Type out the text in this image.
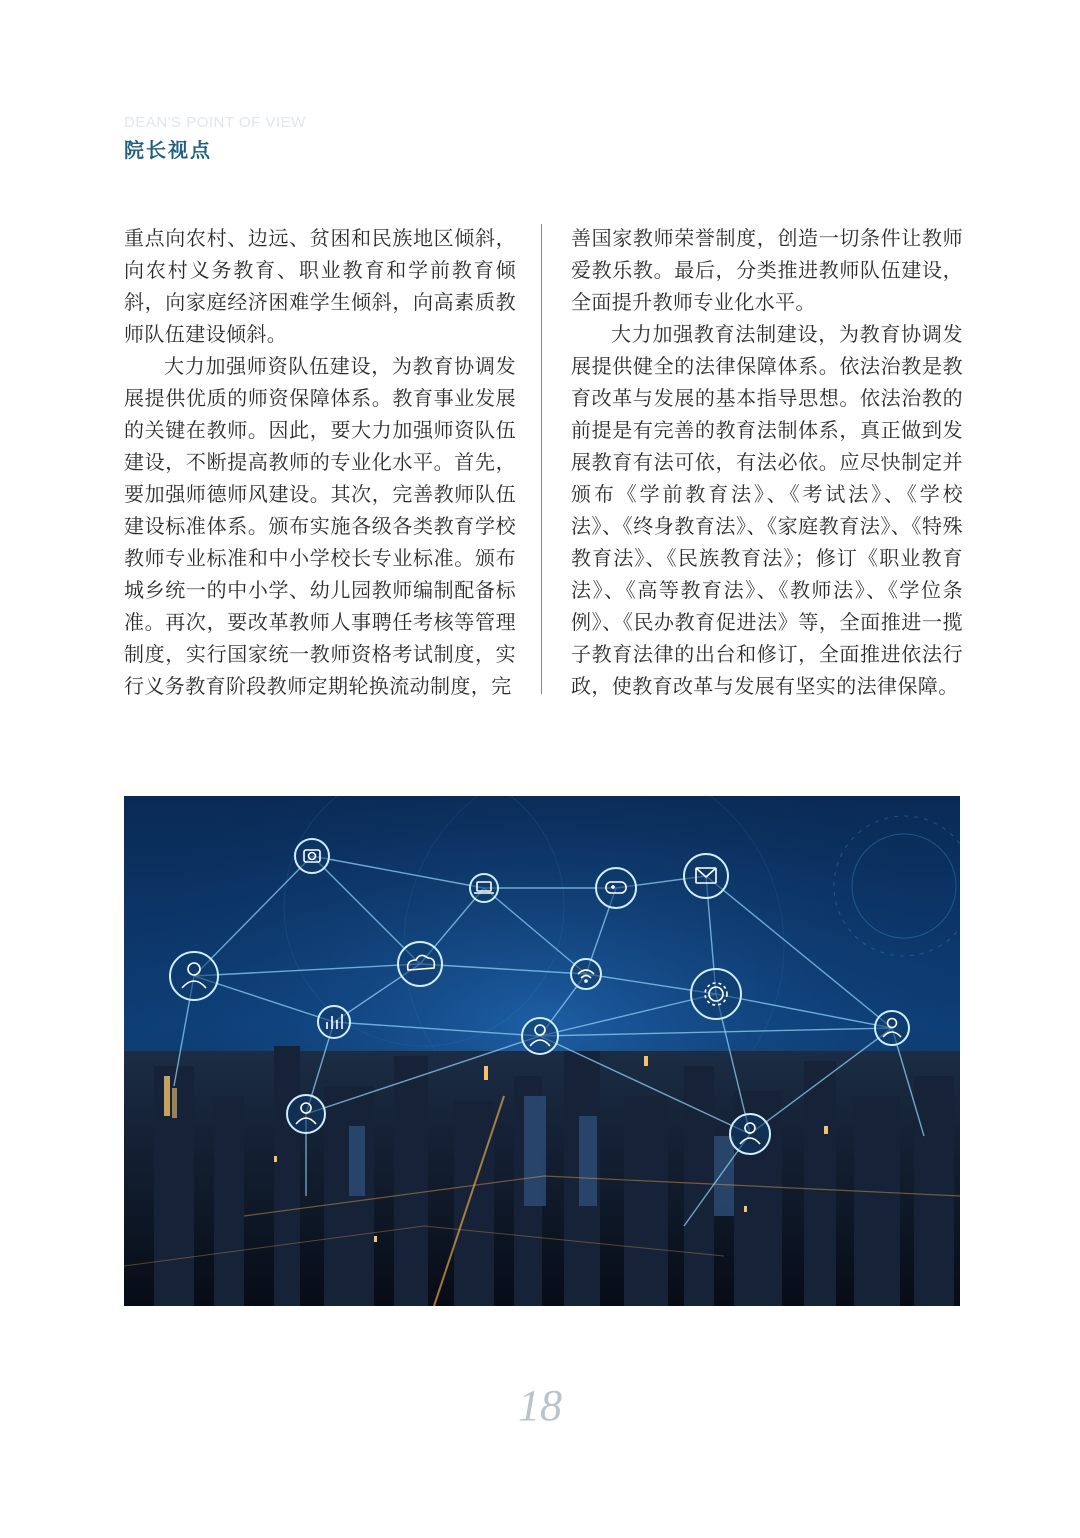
DEAN'S POINT OF VIEW
院长视点

重点向农村、边远、贫困和民族地区倾斜，向农村义务教育、职业教育和学前教育倾斜，向家庭经济困难学生倾斜，向高素质教师队伍建设倾斜。

大力加强师资队伍建设，为教育协调发展提供优质的师资保障体系。教育事业发展的关键在教师。因此，要大力加强师资队伍建设，不断提高教师的专业化水平。首先，要加强师德师风建设。其次，完善教师队伍建设标准体系。颁布实施各级各类教育学校教师专业标准和中小学校长专业标准。颁布城乡统一的中小学、幼儿园教师编制配备标准。再次，要改革教师人事聘任考核等管理制度，实行国家统一教师资格考试制度，实行义务教育阶段教师定期轮换流动制度，完

善国家教师荣誉制度，创造一切条件让教师爱教乐教。最后，分类推进教师队伍建设，全面提升教师专业化水平。

大力加强教育法制建设，为教育协调发展提供健全的法律保障体系。依法治教是教育改革与发展的基本指导思想。依法治教的前提是有完善的教育法制体系，真正做到发展教育有法可依，有法必依。应尽快制定并颁布《学前教育法》、《考试法》、《学校法》、《终身教育法》、《家庭教育法》、《特殊教育法》、《民族教育法》；修订《职业教育法》、《高等教育法》、《教师法》、《学位条例》、《民办教育促进法》等，全面推进一揽子教育法律的出台和修订，全面推进依法行政，使教育改革与发展有坚实的法律保障。

18
